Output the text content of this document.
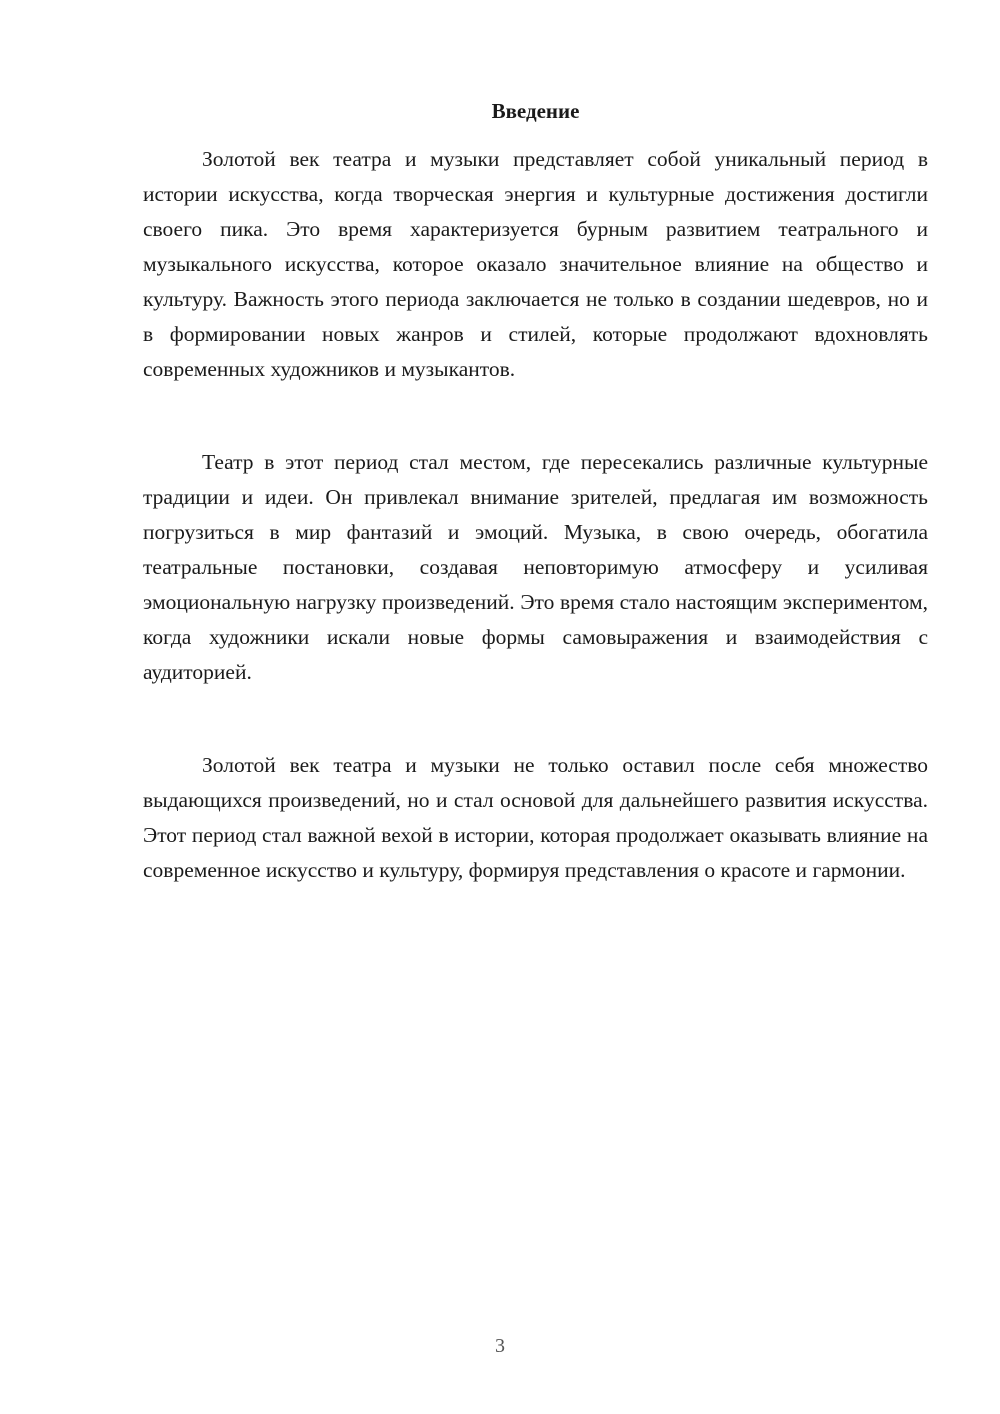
Введение

Золотой век театра и музыки представляет собой уникальный период в истории искусства, когда творческая энергия и культурные достижения достигли своего пика. Это время характеризуется бурным развитием театрального и музыкального искусства, которое оказало значительное влияние на общество и культуру. Важность этого периода заключается не только в создании шедевров, но и в формировании новых жанров и стилей, которые продолжают вдохновлять современных художников и музыкантов.

Театр в этот период стал местом, где пересекались различные культурные традиции и идеи. Он привлекал внимание зрителей, предлагая им возможность погрузиться в мир фантазий и эмоций. Музыка, в свою очередь, обогатила театральные постановки, создавая неповторимую атмосферу и усиливая эмоциональную нагрузку произведений. Это время стало настоящим экспериментом, когда художники искали новые формы самовыражения и взаимодействия с аудиторией.

Золотой век театра и музыки не только оставил после себя множество выдающихся произведений, но и стал основой для дальнейшего развития искусства. Этот период стал важной вехой в истории, которая продолжает оказывать влияние на современное искусство и культуру, формируя представления о красоте и гармонии.

3
